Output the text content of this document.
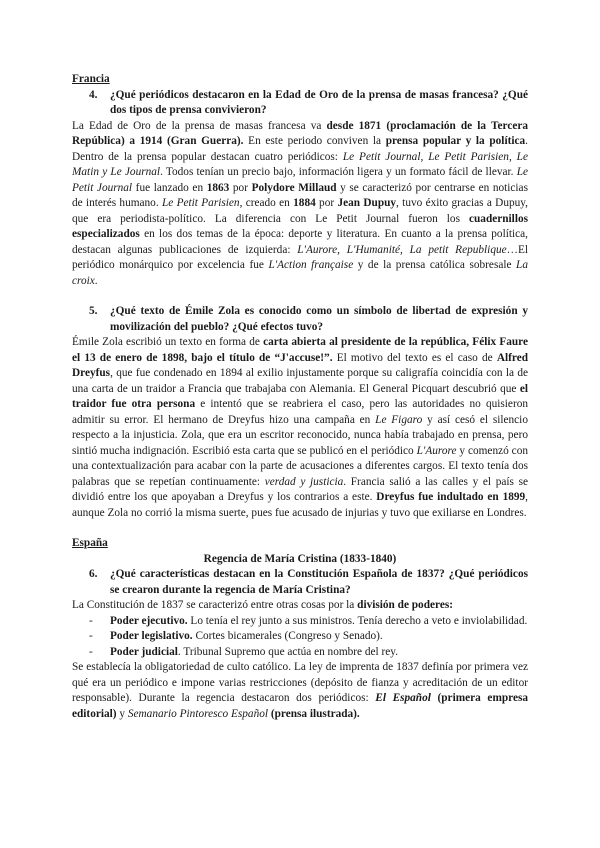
Francia

4.	¿Qué periódicos destacaron en la Edad de Oro de la prensa de masas francesa? ¿Qué dos tipos de prensa convivieron?

La Edad de Oro de la prensa de masas francesa va desde 1871 (proclamación de la Tercera República) a 1914 (Gran Guerra). En este periodo conviven la prensa popular y la política. Dentro de la prensa popular destacan cuatro periódicos: Le Petit Journal, Le Petit Parisien, Le Matin y Le Journal. Todos tenían un precio bajo, información ligera y un formato fácil de llevar. Le Petit Journal fue lanzado en 1863 por Polydore Millaud y se caracterizó por centrarse en noticias de interés humano. Le Petit Parisien, creado en 1884 por Jean Dupuy, tuvo éxito gracias a Dupuy, que era periodista-político. La diferencia con Le Petit Journal fueron los cuadernillos especializados en los dos temas de la época: deporte y literatura. En cuanto a la prensa política, destacan algunas publicaciones de izquierda: L'Aurore, L'Humanité, La petit Republique…El periódico monárquico por excelencia fue L'Action française y de la prensa católica sobresale La croix.

5.	¿Qué texto de Émile Zola es conocido como un símbolo de libertad de expresión y movilización del pueblo? ¿Qué efectos tuvo?

Émile Zola escribió un texto en forma de carta abierta al presidente de la república, Félix Faure el 13 de enero de 1898, bajo el título de “J'accuse!”. El motivo del texto es el caso de Alfred Dreyfus, que fue condenado en 1894 al exilio injustamente porque su caligrafía coincidía con la de una carta de un traidor a Francia que trabajaba con Alemania. El General Picquart descubrió que el traidor fue otra persona e intentó que se reabriera el caso, pero las autoridades no quisieron admitir su error. El hermano de Dreyfus hizo una campaña en Le Figaro y así cesó el silencio respecto a la injusticia. Zola, que era un escritor reconocido, nunca había trabajado en prensa, pero sintió mucha indignación. Escribió esta carta que se publicó en el periódico L'Aurore y comenzó con una contextualización para acabar con la parte de acusaciones a diferentes cargos. El texto tenía dos palabras que se repetían continuamente: verdad y justicia. Francia salió a las calles y el país se dividió entre los que apoyaban a Dreyfus y los contrarios a este. Dreyfus fue indultado en 1899, aunque Zola no corrió la misma suerte, pues fue acusado de injurias y tuvo que exiliarse en Londres.

España

Regencia de María Cristina (1833-1840)

6.	¿Qué características destacan en la Constitución Española de 1837? ¿Qué periódicos se crearon durante la regencia de María Cristina?

La Constitución de 1837 se caracterizó entre otras cosas por la división de poderes:

-	Poder ejecutivo. Lo tenía el rey junto a sus ministros. Tenía derecho a veto e inviolabilidad.
-	Poder legislativo. Cortes bicamerales (Congreso y Senado).
-	Poder judicial. Tribunal Supremo que actúa en nombre del rey.

Se establecía la obligatoriedad de culto católico. La ley de imprenta de 1837 definía por primera vez qué era un periódico e impone varias restricciones (depósito de fianza y acreditación de un editor responsable). Durante la regencia destacaron dos periódicos: El Español (primera empresa editorial) y Semanario Pintoresco Español (prensa ilustrada).
